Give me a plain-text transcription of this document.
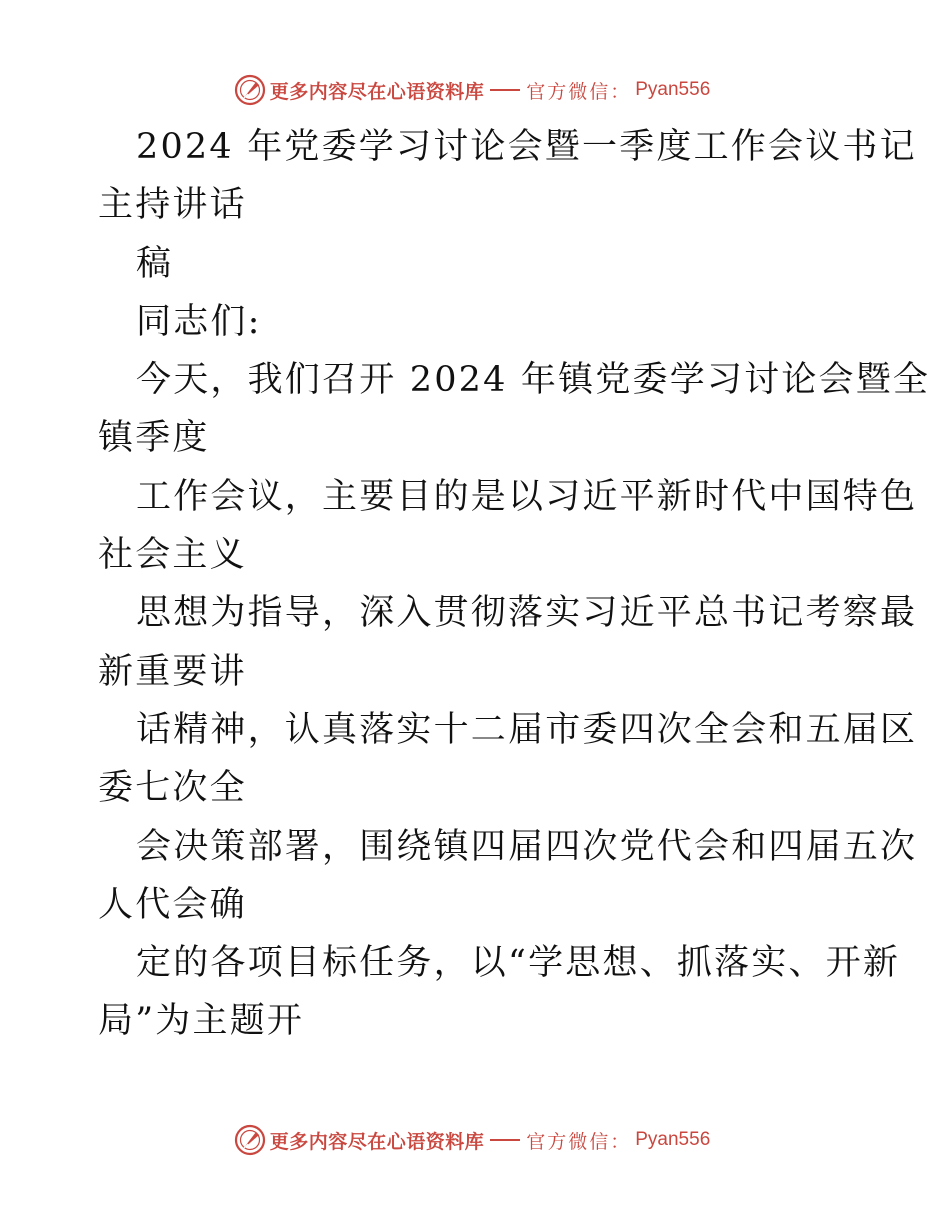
更多内容尽在心语资料库 官方微信： Pyan556
2024 年党委学习讨论会暨一季度工作会议书记
主持讲话
稿
同志们:
今天，我们召开 2024 年镇党委学习讨论会暨全
镇季度
工作会议，主要目的是以习近平新时代中国特色
社会主义
思想为指导，深入贯彻落实习近平总书记考察最
新重要讲
话精神，认真落实十二届市委四次全会和五届区
委七次全
会决策部署，围绕镇四届四次党代会和四届五次
人代会确
定的各项目标任务，以“学思想、抓落实、开新
局”为主题开
更多内容尽在心语资料库 官方微信： Pyan556
